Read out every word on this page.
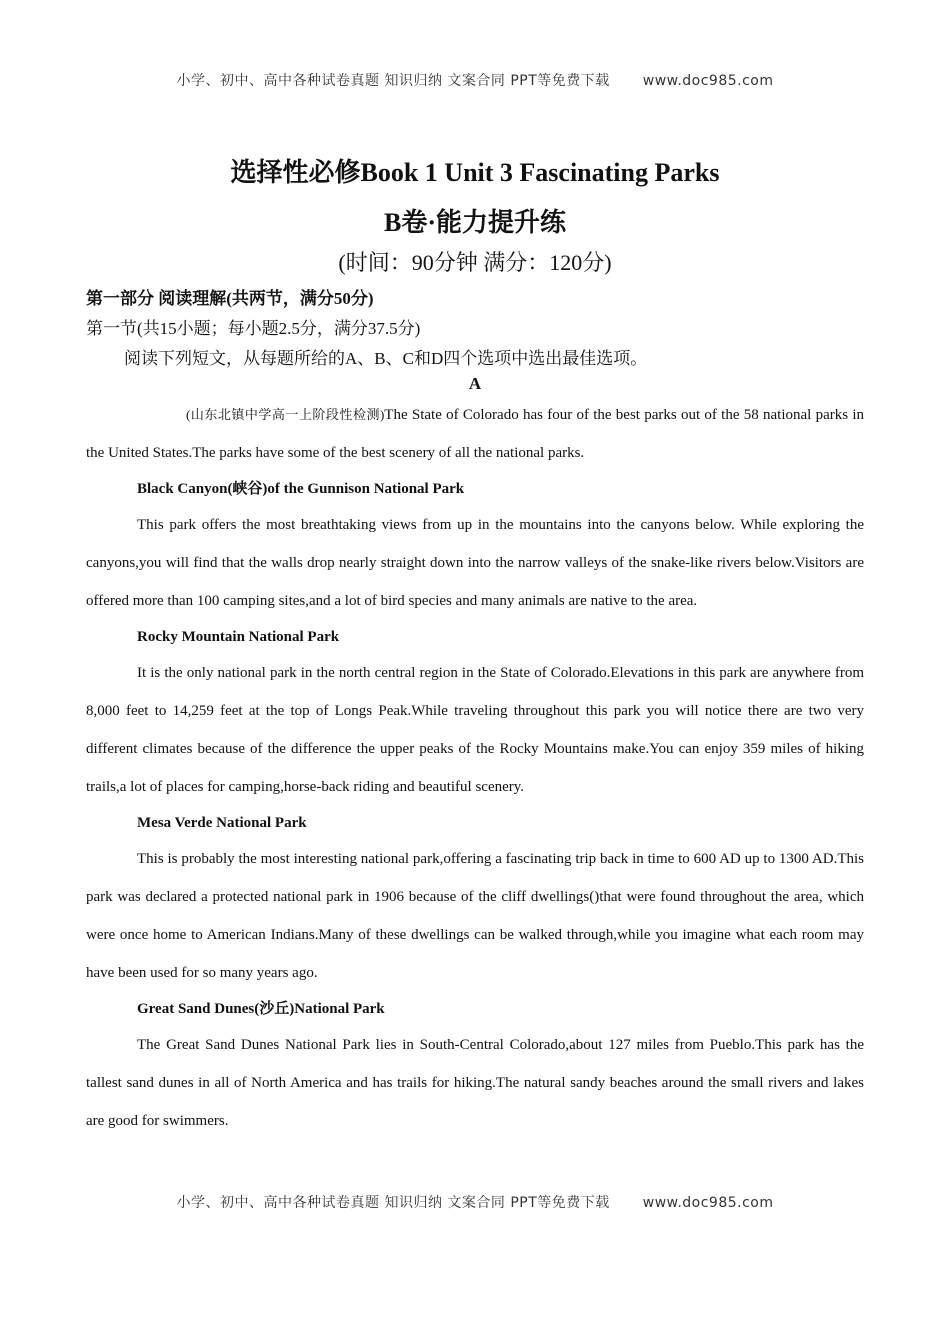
小学、初中、高中各种试卷真题 知识归纳 文案合同 PPT等免费下载 www.doc985.com
选择性必修Book 1 Unit 3 Fascinating Parks
B卷·能力提升练
(时间：90分钟 满分：120分)
第一部分 阅读理解(共两节，满分50分)
第一节(共15小题；每小题2.5分，满分37.5分)
阅读下列短文，从每题所给的A、B、C和D四个选项中选出最佳选项。
A

(山东北镇中学高一上阶段性检测)The State of Colorado has four of the best parks out of the 58 national parks in the United States.The parks have some of the best scenery of all the national parks.

Black Canyon(峡谷)of the Gunnison National Park

This park offers the most breathtaking views from up in the mountains into the canyons below. While exploring the canyons,you will find that the walls drop nearly straight down into the narrow valleys of the snake-like rivers below.Visitors are offered more than 100 camping sites,and a lot of bird species and many animals are native to the area.

Rocky Mountain National Park

It is the only national park in the north central region in the State of Colorado.Elevations in this park are anywhere from 8,000 feet to 14,259 feet at the top of Longs Peak.While traveling throughout this park you will notice there are two very different climates because of the difference the upper peaks of the Rocky Mountains make.You can enjoy 359 miles of hiking trails,a lot of places for camping,horse-back riding and beautiful scenery.

Mesa Verde National Park

This is probably the most interesting national park,offering a fascinating trip back in time to 600 AD up to 1300 AD.This park was declared a protected national park in 1906 because of the cliff dwellings()that were found throughout the area, which were once home to American Indians.Many of these dwellings can be walked through,while you imagine what each room may have been used for so many years ago.

Great Sand Dunes(沙丘)National Park

The Great Sand Dunes National Park lies in South-Central Colorado,about 127 miles from Pueblo.This park has the tallest sand dunes in all of North America and has trails for hiking.The natural sandy beaches around the small rivers and lakes are good for swimmers.

小学、初中、高中各种试卷真题 知识归纳 文案合同 PPT等免费下载 www.doc985.com
